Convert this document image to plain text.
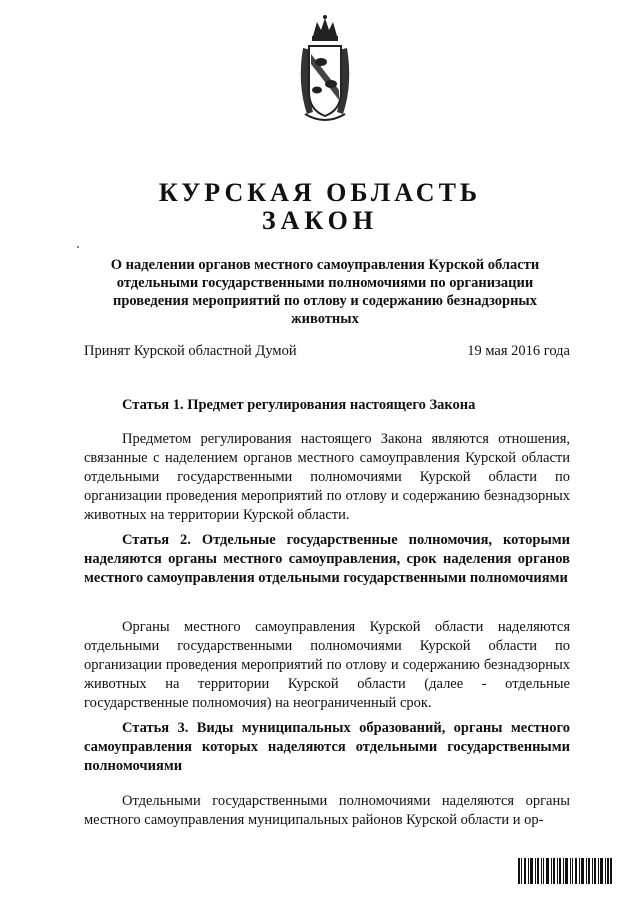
КУРСКАЯ ОБЛАСТЬ
ЗАКОН
О наделении органов местного самоуправления Курской области отдельными государственными полномочиями по организации проведения мероприятий по отлову и содержанию безнадзорных животных
Принят Курской областной Думой	19 мая 2016 года
Статья 1. Предмет регулирования настоящего Закона
Предметом регулирования настоящего Закона являются отношения, связанные с наделением органов местного самоуправления Курской области отдельными государственными полномочиями Курской области по организации проведения мероприятий по отлову и содержанию безнадзорных животных на территории Курской области.
Статья 2. Отдельные государственные полномочия, которыми наделяются органы местного самоуправления, срок наделения органов местного самоуправления отдельными государственными полномочиями
Органы местного самоуправления Курской области наделяются отдельными государственными полномочиями Курской области по организации проведения мероприятий по отлову и содержанию безнадзорных животных на территории Курской области (далее - отдельные государственные полномочия) на неограниченный срок.
Статья 3. Виды муниципальных образований, органы местного самоуправления которых наделяются отдельными государственными полномочиями
Отдельными государственными полномочиями наделяются органы местного самоуправления муниципальных районов Курской области и ор-
